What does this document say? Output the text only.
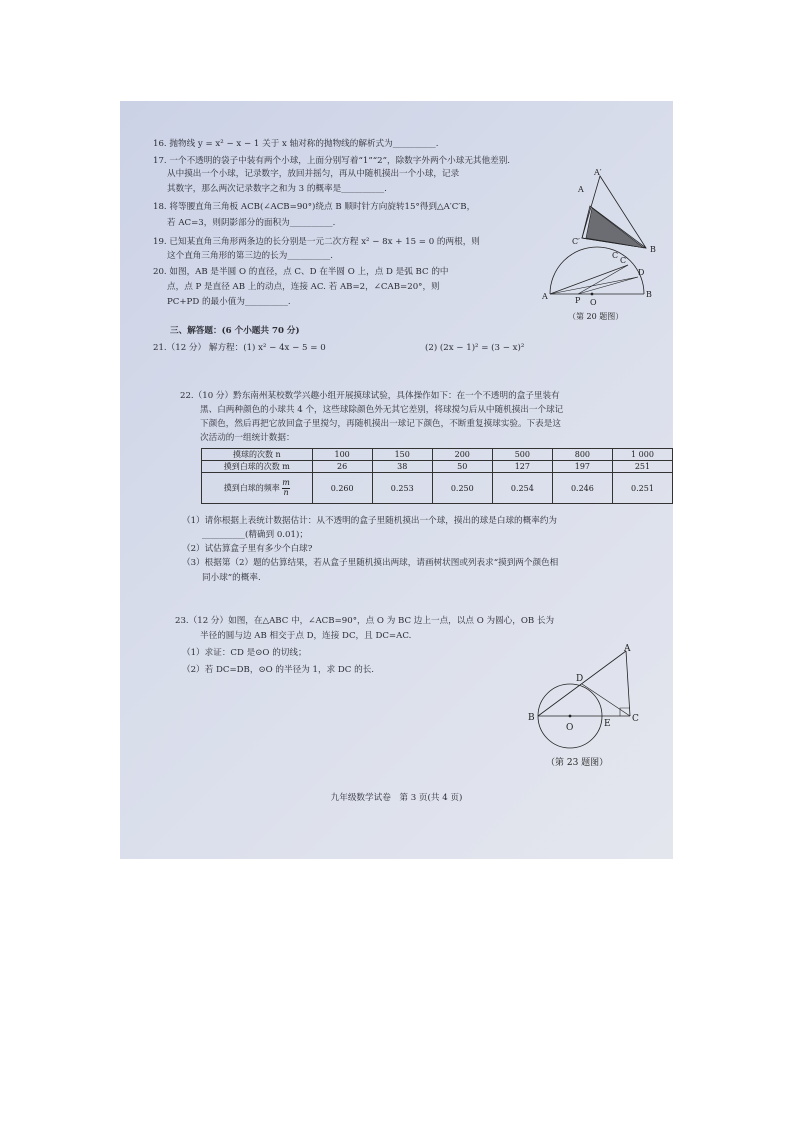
16. 抛物线 y = x² − x − 1 关于 x 轴对称的抛物线的解析式为__________.
17. 一个不透明的袋子中装有两个小球，上面分别写着“1”“2”，除数字外两个小球无其他差别.
从中摸出一个小球，记录数字，放回并摇匀，再从中随机摸出一个小球，记录
其数字，那么两次记录数字之和为 3 的概率是__________.
18. 将等腰直角三角板 ACB(∠ACB=90°)绕点 B 顺时针方向旋转15°得到△A′C′B，
若 AC=3，则阴影部分的面积为__________.
19. 已知某直角三角形两条边的长分别是一元二次方程 x² − 8x + 15 = 0 的两根，则
这个直角三角形的第三边的长为__________.
20. 如图，AB 是半圆 O 的直径，点 C、D 在半圆 O 上，点 D 是弧 BC 的中
点，点 P 是直径 AB 上的动点，连接 AC. 若 AB=2，∠CAB=20°，则
PC+PD 的最小值为__________.
A′
A
C′
C
B
C
D
A	P O
B
（第 20 题图）
三、解答题：(6 个小题共 70 分)
21.（12 分） 解方程：(1) x² − 4x − 5 = 0	(2) (2x − 1)² = (3 − x)²
22.（10 分）黔东南州某校数学兴趣小组开展摸球试验，具体操作如下：在一个不透明的盒子里装有
黑、白两种颜色的小球共 4 个，这些球除颜色外无其它差别，将球搅匀后从中随机摸出一个球记
下颜色，然后再把它放回盒子里搅匀，再随机摸出一球记下颜色，不断重复摸球实验。下表是这
次活动的一组统计数据：
摸球的次数 n	100	150	200	500	800	1 000
摸到白球的次数 m	26	38	50	127	197	251
摸到白球的频率 $\frac{m}{n}$	0.260	0.253	0.250	0.254	0.246	0.251
（1）请你根据上表统计数据估计：从不透明的盒子里随机摸出一个球，摸出的球是白球的概率约为
__________(精确到 0.01)；
（2）试估算盒子里有多少个白球?
（3）根据第（2）题的估算结果，若从盒子里随机摸出两球，请画树状图或列表求“摸到两个颜色相
同小球”的概率.
23.（12 分）如图，在△ABC 中，∠ACB=90°，点 O 为 BC 边上一点，以点 O 为圆心，OB 长为
半径的圆与边 AB 相交于点 D，连接 DC，且 DC=AC.
（1）求证：CD 是⊙O 的切线；
（2）若 DC=DB，⊙O 的半径为 1，求 DC 的长.
A
D
B
O	E C
（第 23 题图）
九年级数学试卷　第 3 页(共 4 页)
